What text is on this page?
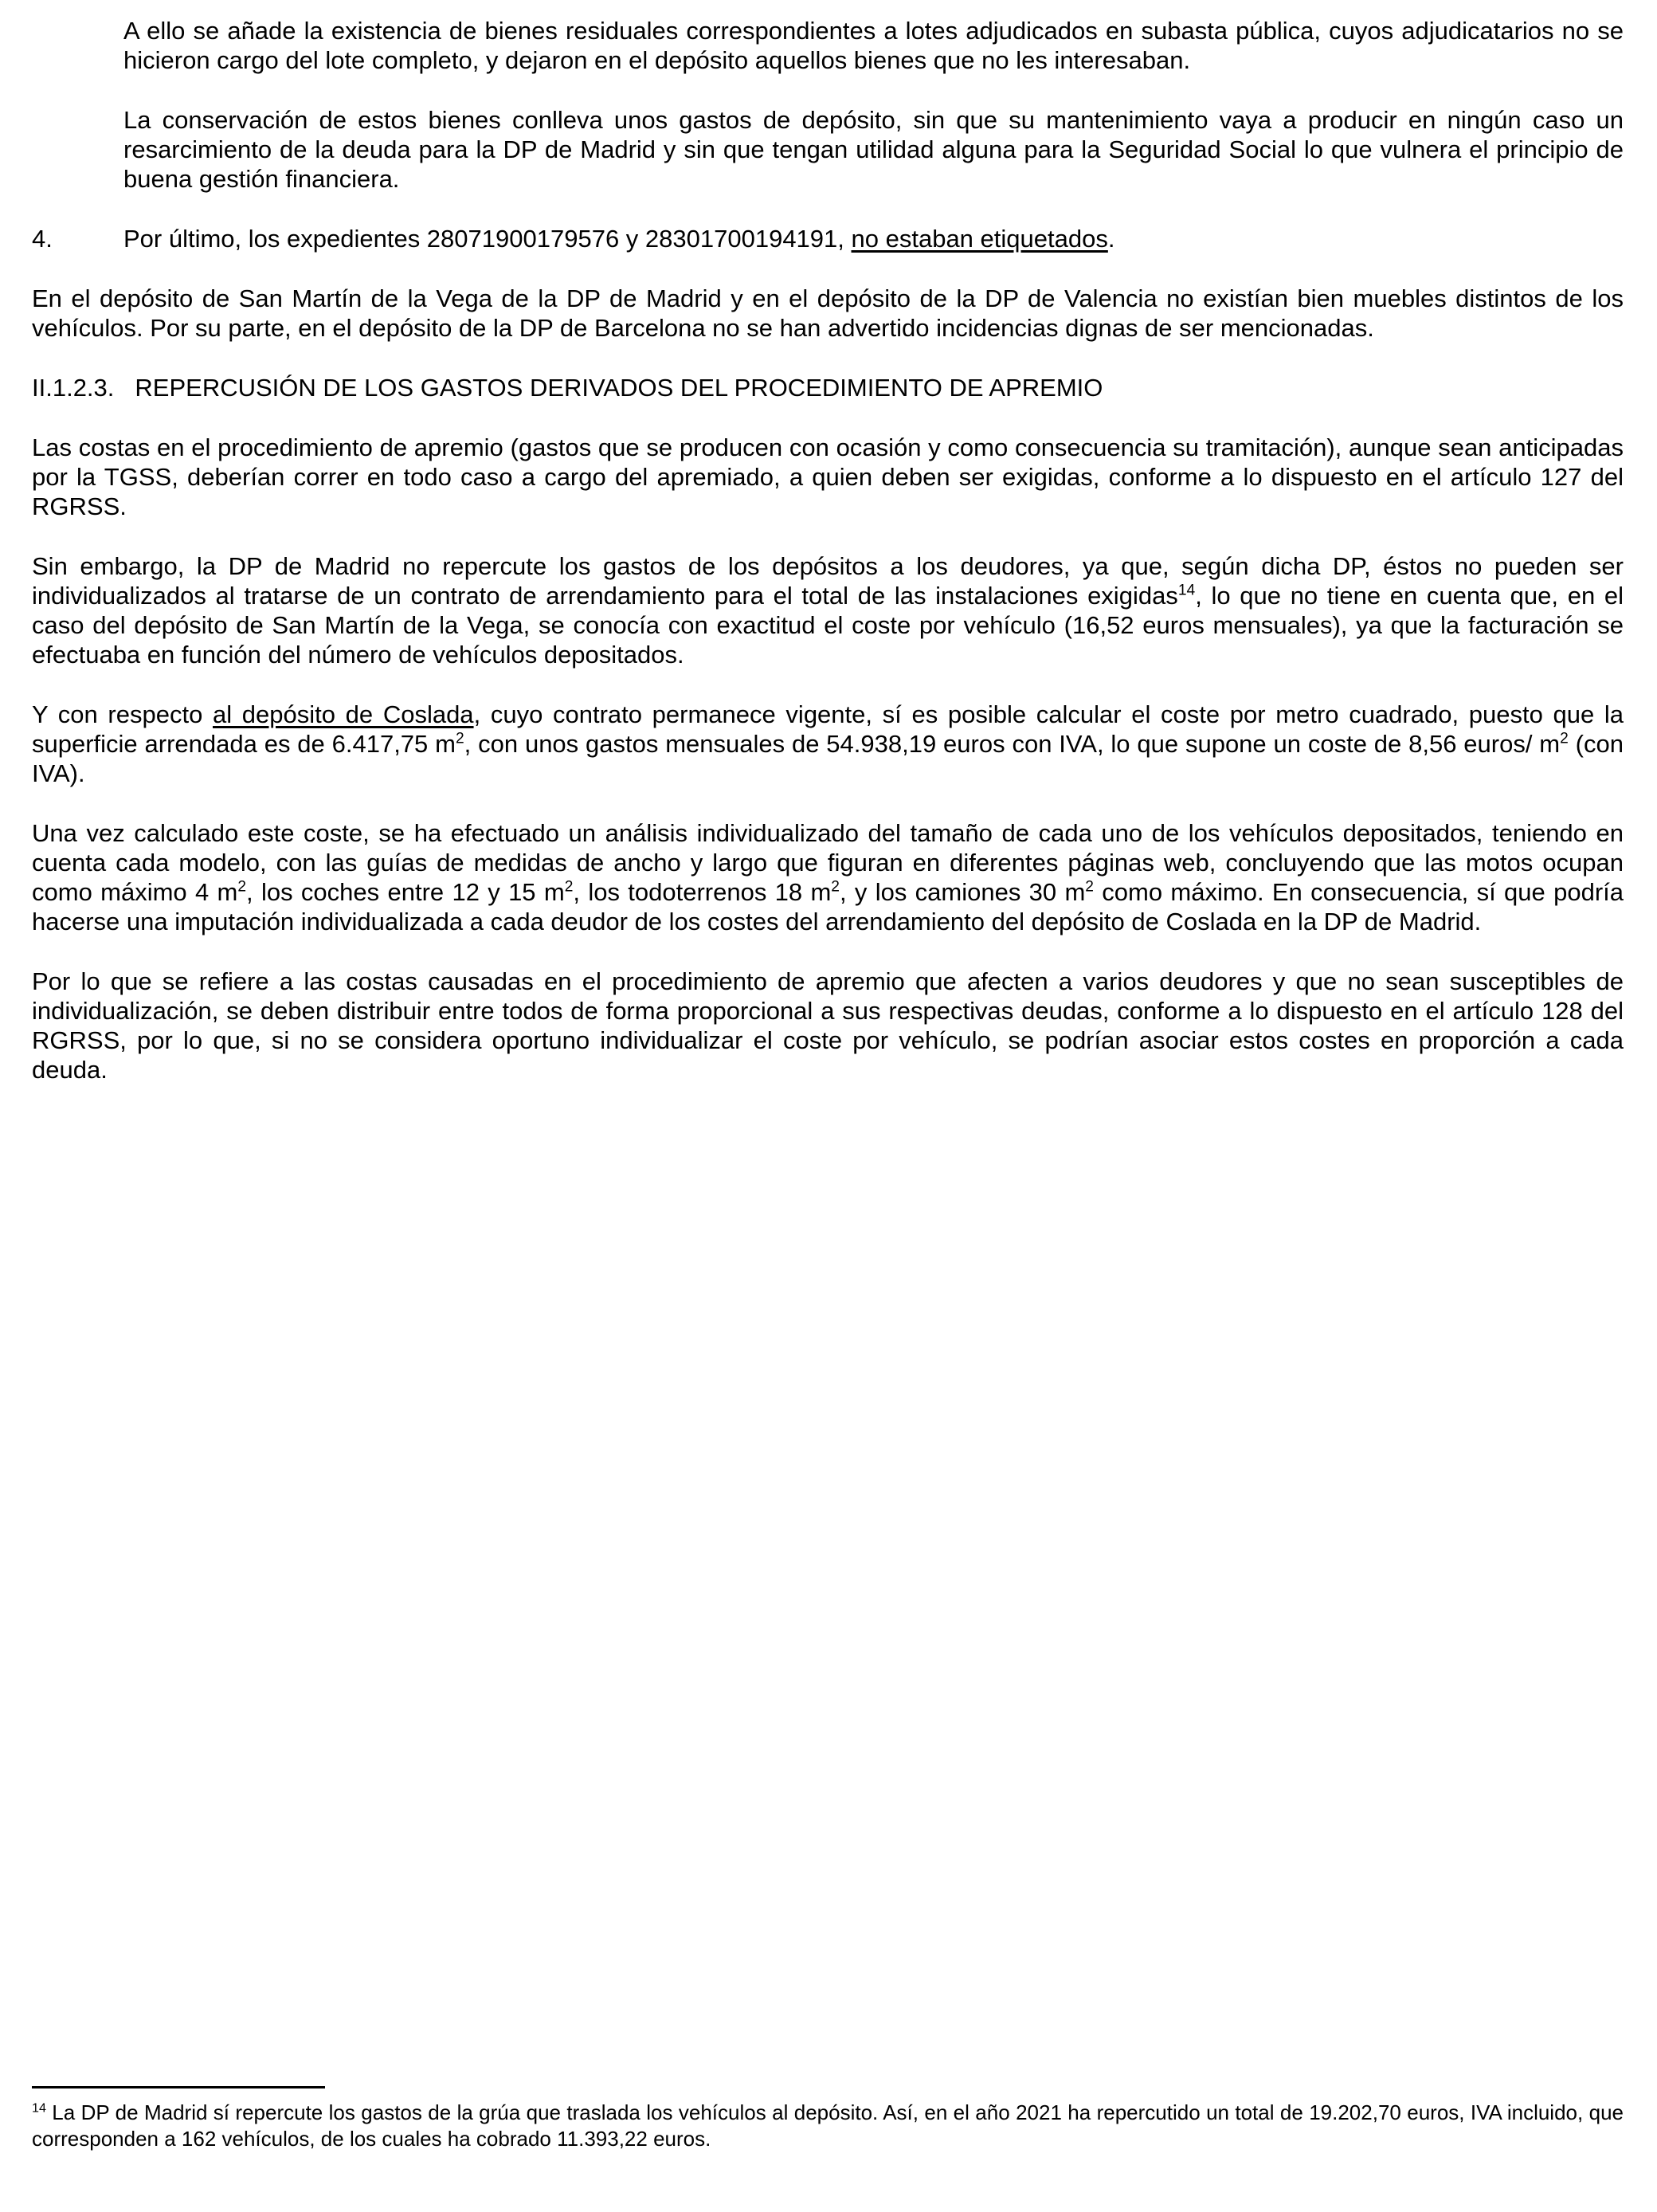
A ello se añade la existencia de bienes residuales correspondientes a lotes adjudicados en subasta pública, cuyos adjudicatarios no se hicieron cargo del lote completo, y dejaron en el depósito aquellos bienes que no les interesaban.

La conservación de estos bienes conlleva unos gastos de depósito, sin que su mantenimiento vaya a producir en ningún caso un resarcimiento de la deuda para la DP de Madrid y sin que tengan utilidad alguna para la Seguridad Social lo que vulnera el principio de buena gestión financiera.

4.	Por último, los expedientes 28071900179576 y 28301700194191, no estaban etiquetados.

En el depósito de San Martín de la Vega de la DP de Madrid y en el depósito de la DP de Valencia no existían bien muebles distintos de los vehículos. Por su parte, en el depósito de la DP de Barcelona no se han advertido incidencias dignas de ser mencionadas.

II.1.2.3. REPERCUSIÓN DE LOS GASTOS DERIVADOS DEL PROCEDIMIENTO DE APREMIO

Las costas en el procedimiento de apremio (gastos que se producen con ocasión y como consecuencia su tramitación), aunque sean anticipadas por la TGSS, deberían correr en todo caso a cargo del apremiado, a quien deben ser exigidas, conforme a lo dispuesto en el artículo 127 del RGRSS.

Sin embargo, la DP de Madrid no repercute los gastos de los depósitos a los deudores, ya que, según dicha DP, éstos no pueden ser individualizados al tratarse de un contrato de arrendamiento para el total de las instalaciones exigidas$^{14}$, lo que no tiene en cuenta que, en el caso del depósito de San Martín de la Vega, se conocía con exactitud el coste por vehículo (16,52 euros mensuales), ya que la facturación se efectuaba en función del número de vehículos depositados.

Y con respecto al depósito de Coslada, cuyo contrato permanece vigente, sí es posible calcular el coste por metro cuadrado, puesto que la superficie arrendada es de 6.417,75 $m^2$, con unos gastos mensuales de 54.938,19 euros con IVA, lo que supone un coste de 8,56 euros/ $m^2$ (con IVA).

Una vez calculado este coste, se ha efectuado un análisis individualizado del tamaño de cada uno de los vehículos depositados, teniendo en cuenta cada modelo, con las guías de medidas de ancho y largo que figuran en diferentes páginas web, concluyendo que las motos ocupan como máximo 4 $m^2$, los coches entre 12 y 15 $m^2$, los todoterrenos 18 $m^2$, y los camiones 30 $m^2$ como máximo. En consecuencia, sí que podría hacerse una imputación individualizada a cada deudor de los costes del arrendamiento del depósito de Coslada en la DP de Madrid.

Por lo que se refiere a las costas causadas en el procedimiento de apremio que afecten a varios deudores y que no sean susceptibles de individualización, se deben distribuir entre todos de forma proporcional a sus respectivas deudas, conforme a lo dispuesto en el artículo 128 del RGRSS, por lo que, si no se considera oportuno individualizar el coste por vehículo, se podrían asociar estos costes en proporción a cada deuda.

$^{14}$ La DP de Madrid sí repercute los gastos de la grúa que traslada los vehículos al depósito. Así, en el año 2021 ha repercutido un total de 19.202,70 euros, IVA incluido, que corresponden a 162 vehículos, de los cuales ha cobrado 11.393,22 euros.
